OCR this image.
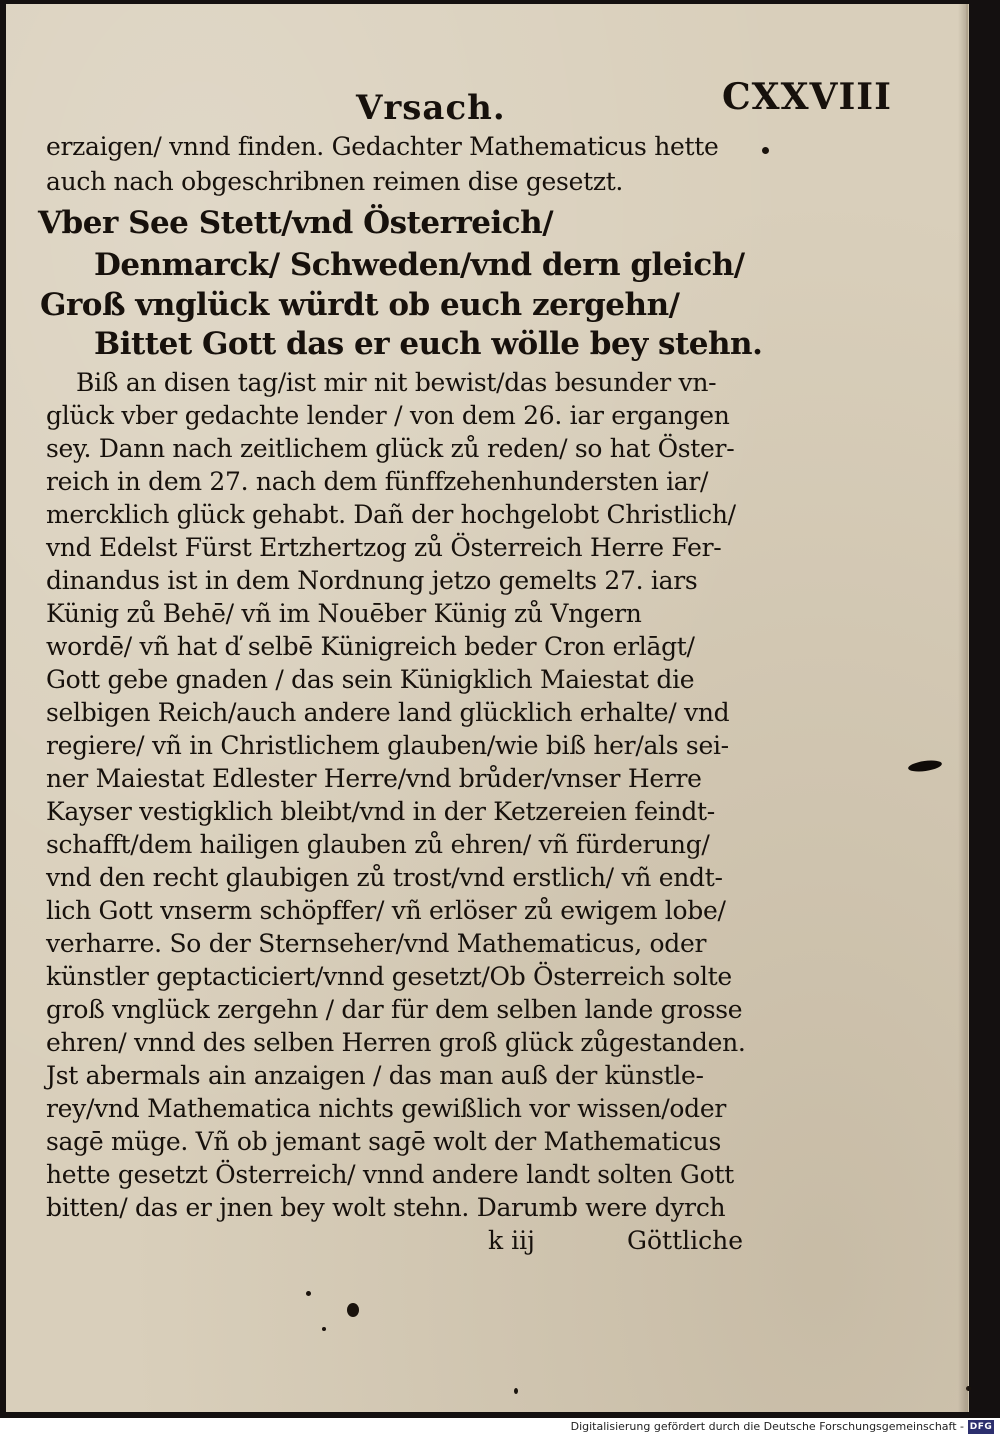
Vrsach.	CXXVIII
erzaigen/ vnnd finden. Gedachter Mathematicus hette
auch nach obgeschribnen reimen dise gesetzt.
Vber See Stett/vnd Österreich/
Denmarck/ Schweden/vnd dern gleich/
Groß vnglück würdt ob euch zergehn/
Bittet Gott das er euch wölle bey stehn.
Biß an disen tag/ist mir nit bewist/das besunder vn-
glück vber gedachte lender / von dem 26. iar ergangen
sey. Dann nach zeitlichem glück zů reden/ so hat Öster-
reich in dem 27. nach dem fünffzehenhundersten iar/
mercklich glück gehabt. Dañ der hochgelobt Christlich/
vnd Edelst Fürst Ertzhertzog zů Österreich Herre Fer-
dinandus ist in dem Nordnung jetzo gemelts 27. iars
Künig zů Behē/ vñ im Nouēber Künig zů Vngern
wordē/ vñ hat ď selbē Künigreich beder Cron erlāgt/
Gott gebe gnaden / das sein Künigklich Maiestat die
selbigen Reich/auch andere land glücklich erhalte/ vnd
regiere/ vñ in Christlichem glauben/wie biß her/als sei-
ner Maiestat Edlester Herre/vnd brůder/vnser Herre
Kayser vestigklich bleibt/vnd in der Ketzereien feindt-
schafft/dem hailigen glauben zů ehren/ vñ fürderung/
vnd den recht glaubigen zů trost/vnd erstlich/ vñ endt-
lich Gott vnserm schöpffer/ vñ erlöser zů ewigem lobe/
verharre. So der Sternseher/vnd Mathematicus, oder
künstler geptacticiert/vnnd gesetzt/Ob Österreich solte
groß vnglück zergehn / dar für dem selben lande grosse
ehren/ vnnd des selben Herren groß glück zůgestanden.
Jst abermals ain anzaigen / das man auß der künstle-
rey/vnd Mathematica nichts gewißlich vor wissen/oder
sagē müge. Vñ ob jemant sagē wolt der Mathematicus
hette gesetzt Österreich/ vnnd andere landt solten Gott
bitten/ das er jnen bey wolt stehn. Darumb were dyrch
k iij	Göttliche
Digitalisierung gefördert durch die Deutsche Forschungsgemeinschaft - DFG
